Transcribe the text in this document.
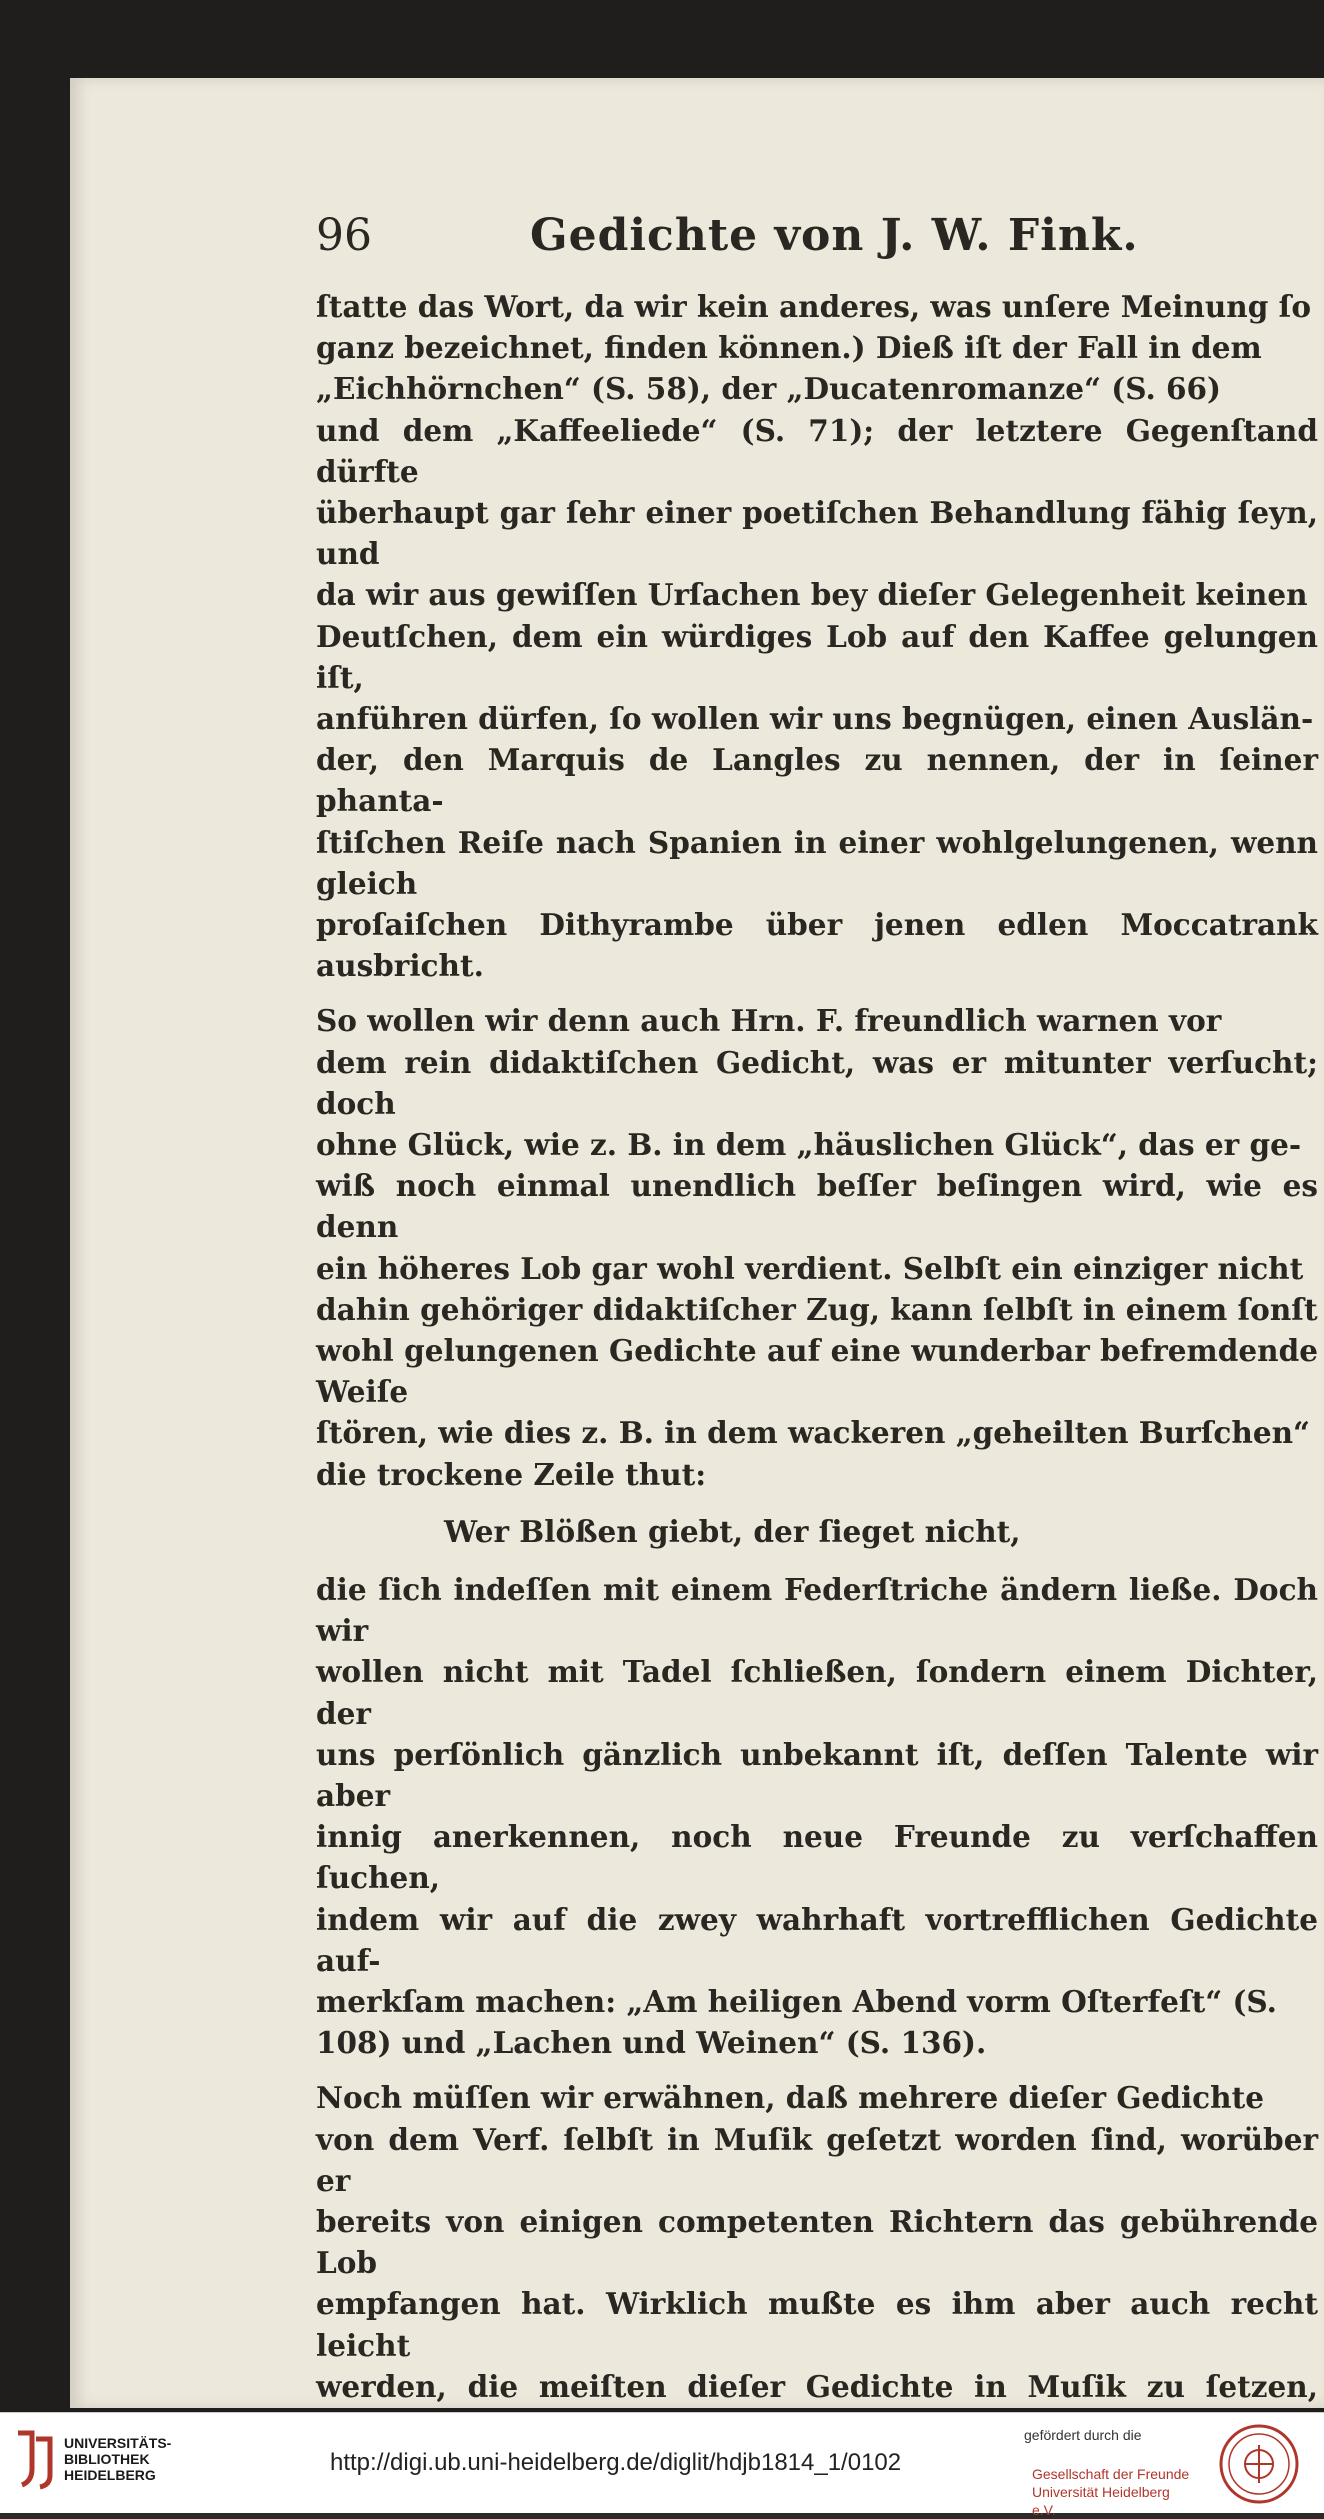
96	Gedichte von J. W. Fink.

ſtatte das Wort, da wir kein anderes, was unſere Meinung ſo
ganz bezeichnet, finden können.) Dieß iſt der Fall in dem
„Eichhörnchen“ (S. 58), der „Ducatenromanze“ (S. 66)
und dem „Kaffeeliede“ (S. 71); der letztere Gegenſtand dürfte
überhaupt gar ſehr einer poetiſchen Behandlung fähig ſeyn, und
da wir aus gewiſſen Urſachen bey dieſer Gelegenheit keinen
Deutſchen, dem ein würdiges Lob auf den Kaffee gelungen iſt,
anführen dürfen, ſo wollen wir uns begnügen, einen Auslän-
der, den Marquis de Langles zu nennen, der in ſeiner phanta-
ſtiſchen Reiſe nach Spanien in einer wohlgelungenen, wenn gleich
proſaiſchen Dithyrambe über jenen edlen Moccatrank ausbricht.

So wollen wir denn auch Hrn. F. freundlich warnen vor
dem rein didaktiſchen Gedicht, was er mitunter verſucht; doch
ohne Glück, wie z. B. in dem „häuslichen Glück“, das er ge-
wiß noch einmal unendlich beſſer beſingen wird, wie es denn
ein höheres Lob gar wohl verdient. Selbſt ein einziger nicht
dahin gehöriger didaktiſcher Zug, kann ſelbſt in einem ſonſt
wohl gelungenen Gedichte auf eine wunderbar befremdende Weiſe
ſtören, wie dies z. B. in dem wackeren „geheilten Burſchen“
die trockene Zeile thut:

Wer Blößen giebt, der ſieget nicht,

die ſich indeſſen mit einem Federſtriche ändern ließe. Doch wir
wollen nicht mit Tadel ſchließen, ſondern einem Dichter, der
uns perſönlich gänzlich unbekannt iſt, deſſen Talente wir aber
innig anerkennen, noch neue Freunde zu verſchaffen ſuchen,
indem wir auf die zwey wahrhaft vortrefflichen Gedichte auf-
merkſam machen: „Am heiligen Abend vorm Oſterfeſt“ (S.
108) und „Lachen und Weinen“ (S. 136).

Noch müſſen wir erwähnen, daß mehrere dieſer Gedichte
von dem Verf. ſelbſt in Muſik geſetzt worden ſind, worüber er
bereits von einigen competenten Richtern das gebührende Lob
empfangen hat. Wirklich mußte es ihm aber auch recht leicht
werden, die meiſten dieſer Gedichte in Muſik zu ſetzen,

UNIVERSITÄTS-
BIBLIOTHEK
HEIDELBERG	http://digi.ub.uni-heidelberg.de/diglit/hdjb1814_1/0102
gefördert durch die
Gesellschaft der Freunde
Universität Heidelberg e.V.
